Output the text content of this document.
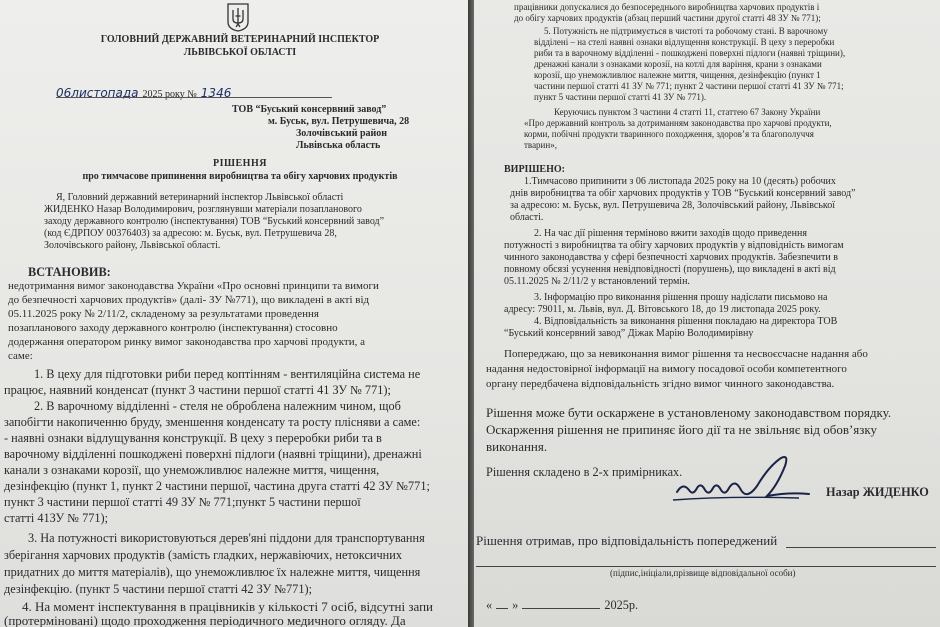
ГОЛОВНИЙ ДЕРЖАВНИЙ ВЕТЕРИНАРНИЙ ІНСПЕКТОР
ЛЬВІВСЬКОЇ ОБЛАСТІ
06листопада 2025 року № 1346
ТОВ “Буський консервний завод”
м. Буськ, вул. Петрушевича, 28
Золочівський район
Львівська область
РІШЕННЯ
про тимчасове припинення виробництва та обігу харчових продуктів
Я, Головний державний ветеринарний інспектор Львівської області
ЖИДЕНКО Назар Володимирович, розглянувши матеріали позапланового
заходу державного контролю (інспектування) ТОВ “Буський консервний завод”
(код ЄДРПОУ 00376403) за адресою: м. Буськ, вул. Петрушевича 28,
Золочівського району, Львівської області.
ВСТАНОВИВ:
недотримання вимог законодавства України «Про основні принципи та вимоги
до безпечності харчових продуктів» (далі- ЗУ №771), що викладені в акті від
05.11.2025 року № 2/11/2, складеному за результатами проведення
позапланового заходу державного контролю (інспектування) стосовно
додержання оператором ринку вимог законодавства про харчові продукти, а
саме:
1. В цеху для підготовки риби перед коптінням - вентиляційна система не
працює, наявний конденсат (пункт 3 частини першої статті 41 ЗУ № 771);
2. В варочному відділенні - стеля не оброблена належним чином, щоб
запобігти накопиченню бруду, зменшення конденсату та росту плісняви а саме:
- наявні ознаки відлущування конструкції. В цеху з переробки риби та в
варочному відділенні пошкоджені поверхні підлоги (наявні тріщини), дренажні
канали з ознаками корозії, що унеможливлює належне миття, чищення,
дезінфекцію (пункт 1, пункт 2 частини першої, частина друга статті 42 ЗУ №771;
пункт 3 частини першої статті 49 ЗУ № 771;пункт 5 частини першої
статті 41ЗУ № 771);
3. На потужності використовуються дерев'яні піддони для транспортування
зберігання харчових продуктів (замість гладких, нержавіючих, нетоксичних
придатних до миття матеріалів), що унеможливлює їх належне миття, чищення
дезінфекцію. (пункт 5 частини першої статті 42 ЗУ №771);
4. На момент інспектування в працівників у кількості 7 осіб, відсутні запи
(протерміновані) щодо проходження періодичного медичного огляду. Да
працівники допускалися до безпосереднього виробництва харчових продуктів і
до обігу харчових продуктів (абзац перший частини другої статті 48 ЗУ № 771);
5. Потужність не підтримується в чистоті та робочому стані. В варочному
відділені – на стелі наявні ознаки відлущення конструкції. В цеху з переробки
риби та в варочному відділенні - пошкоджені поверхні підлоги (наявні тріщини),
дренажні канали з ознаками корозії, на котлі для варіння, крани з ознаками
корозії, що унеможливлює належне миття, чищення, дезінфекцію (пункт 1
частини першої статті 41 ЗУ № 771; пункт 2 частини першої статті 41 ЗУ № 771;
пункт 5 частини першої статті 41 ЗУ № 771).
Керуючись пунктом 3 частини 4 статті 11, статтею 67 Закону України
«Про державний контроль за дотриманням законодавства про харчові продукти,
корми, побічні продукти тваринного походження, здоров’я та благополуччя
тварин»,
ВИРІШЕНО:
1.Тимчасово припинити з 06 листопада 2025 року на 10 (десять) робочих
днів виробництва та обіг харчових продуктів у ТОВ “Буський консервний завод”
за адресою: м. Буськ, вул. Петрушевича 28, Золочівський району, Львівської
області.
2. На час дії рішення терміново вжити заходів щодо приведення
потужності з виробництва та обігу харчових продуктів у відповідність вимогам
чинного законодавства у сфері безпечності харчових продуктів. Забезпечити в
повному обсязі усунення невідповідності (порушень), що викладені в акті від
05.11.2025 № 2/11/2 у встановлений термін.
3. Інформацію про виконання рішення прошу надіслати письмово на
адресу: 79011, м. Львів, вул. Д. Вітовського 18, до 19 листопада 2025 року.
4. Відповідальність за виконання рішення покладаю на директора ТОВ
“Буський консервний завод” Діжак Марію Володимирівну
Попереджаю, що за невиконання вимог рішення та несвоєсчасне надання або
надання недостовірної інформації на вимогу посадової особи компетентного
органу передбачена відповідальність згідно вимог чинного законодавства.
Рішення може бути оскаржене в установленому законодавством порядку.
Оскарження рішення не припиняє його дії та не звільняє від обов’язку
виконання.
Рішення складено в 2-х примірниках.
Назар ЖИДЕНКО
Рішення отримав, про відповідальність попереджений
(підпис,ініціали,прізвище відповідальної особи)
« »	2025р.
